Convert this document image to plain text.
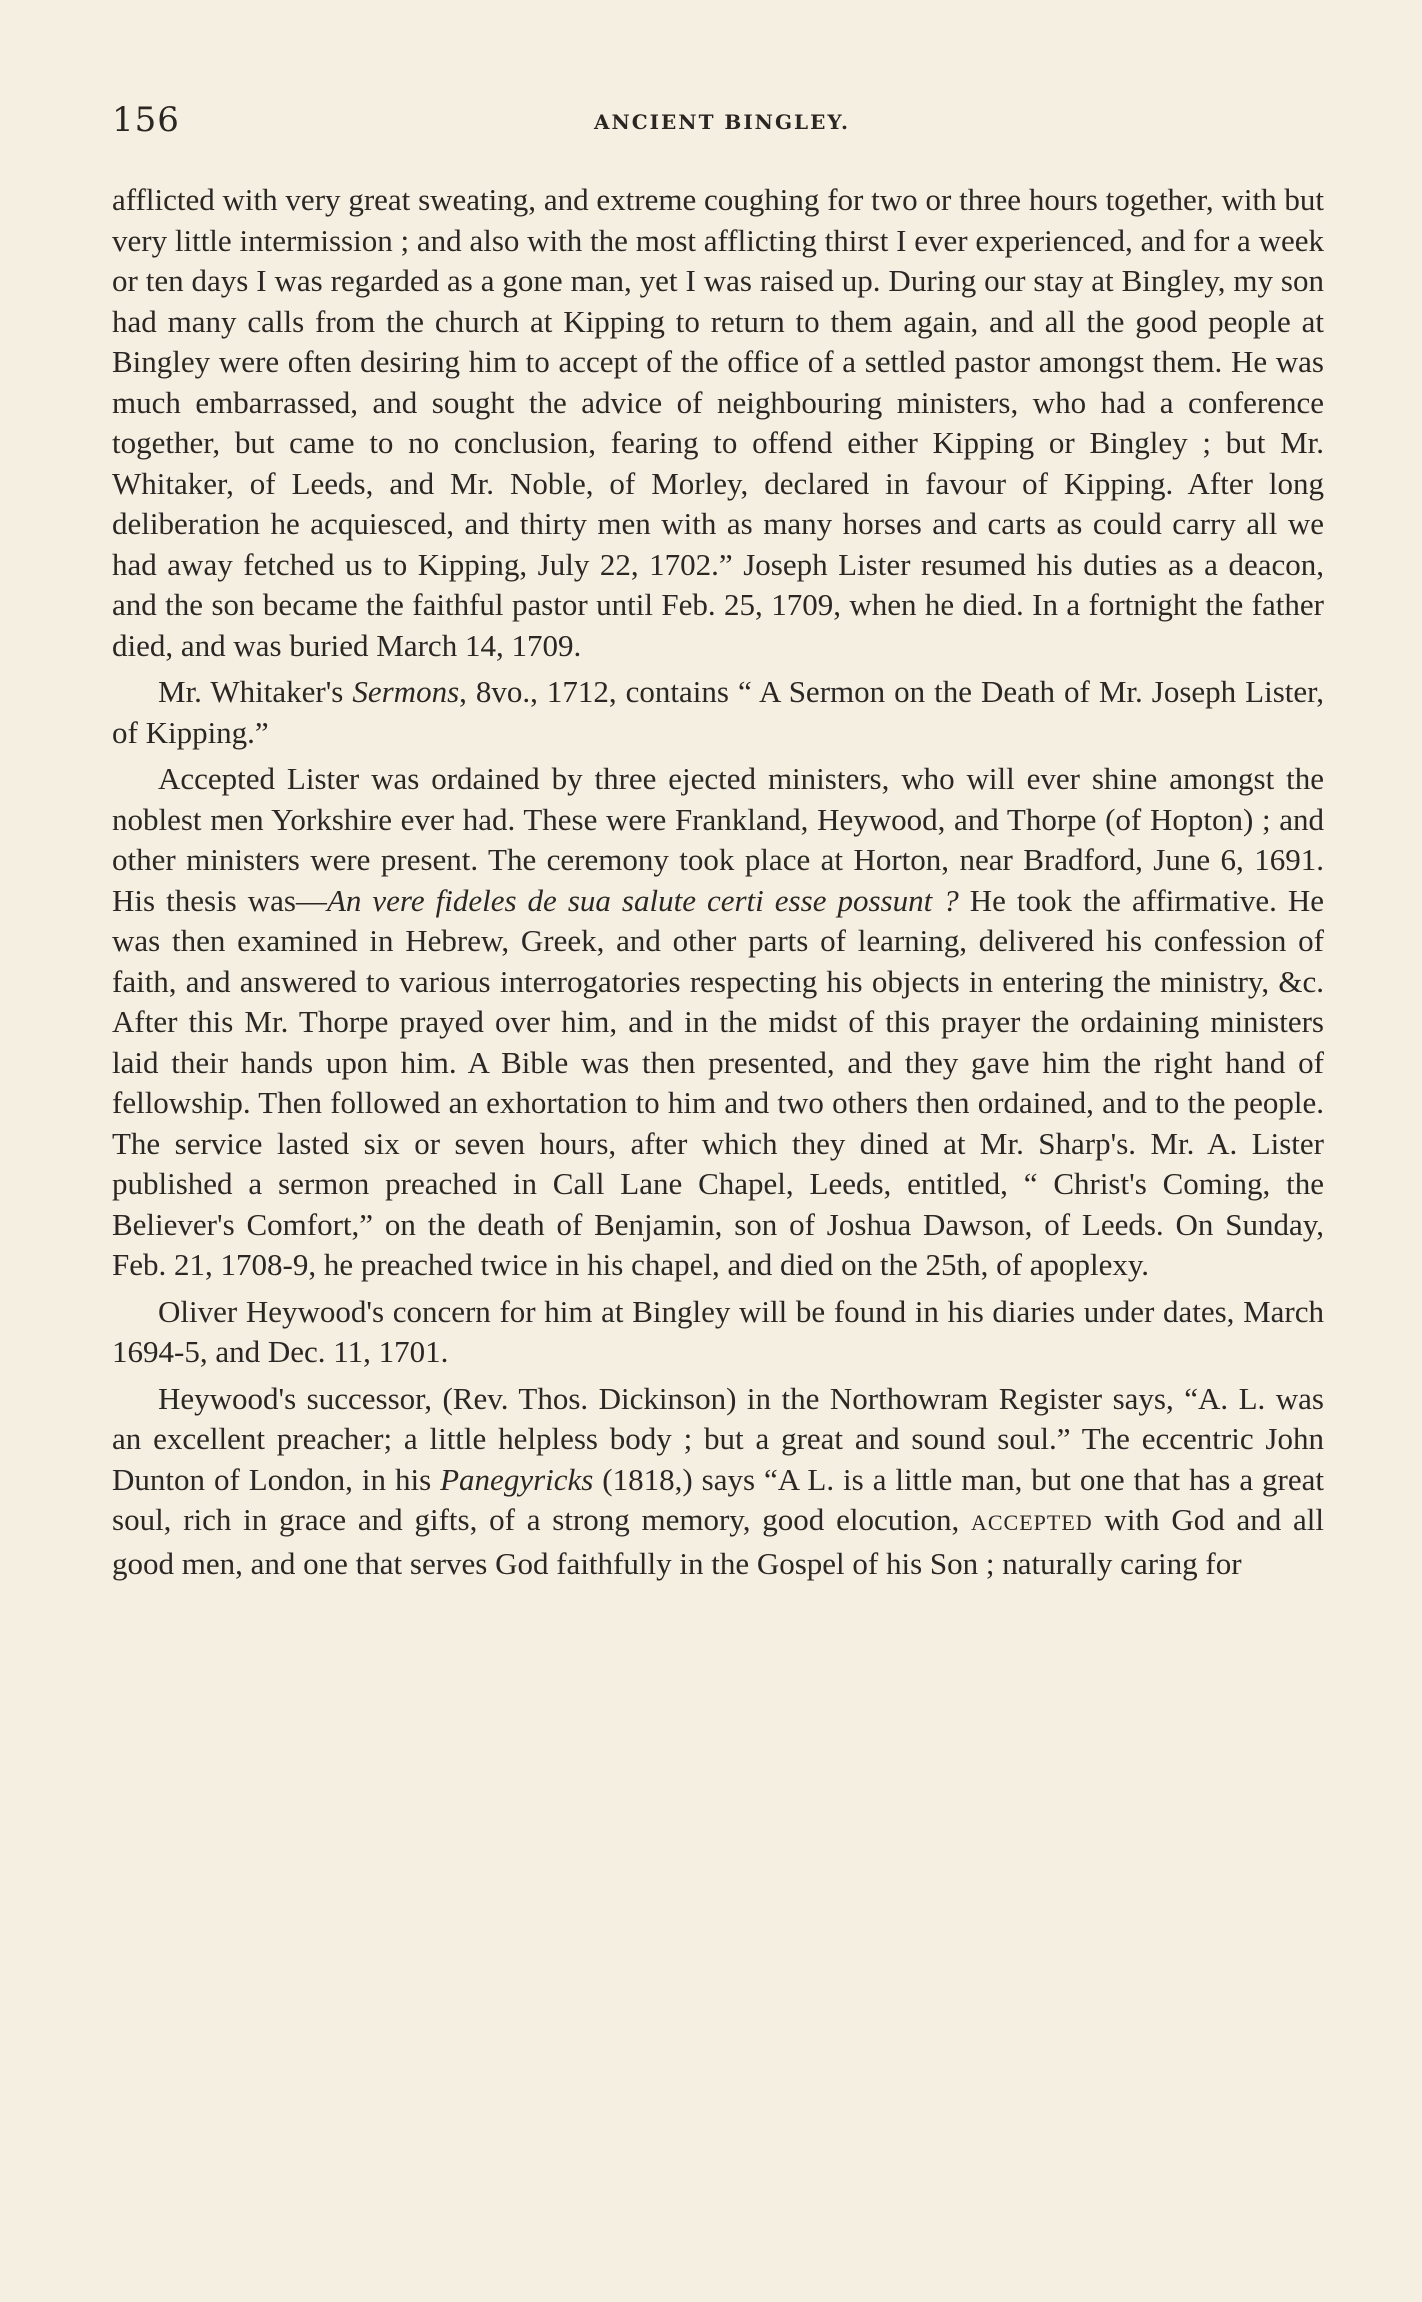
156	ANCIENT BINGLEY.

afflicted with very great sweating, and extreme coughing for two or three hours together, with but very little intermission ; and also with the most afflicting thirst I ever experienced, and for a week or ten days I was regarded as a gone man, yet I was raised up. During our stay at Bingley, my son had many calls from the church at Kipping to return to them again, and all the good people at Bingley were often desiring him to accept of the office of a settled pastor amongst them. He was much embarrassed, and sought the advice of neighbouring ministers, who had a conference together, but came to no conclusion, fearing to offend either Kipping or Bingley ; but Mr. Whitaker, of Leeds, and Mr. Noble, of Morley, declared in favour of Kipping. After long deliberation he acquiesced, and thirty men with as many horses and carts as could carry all we had away fetched us to Kipping, July 22, 1702.” Joseph Lister resumed his duties as a deacon, and the son became the faithful pastor until Feb. 25, 1709, when he died. In a fortnight the father died, and was buried March 14, 1709.

Mr. Whitaker's Sermons, 8vo., 1712, contains “ A Sermon on the Death of Mr. Joseph Lister, of Kipping.”

Accepted Lister was ordained by three ejected ministers, who will ever shine amongst the noblest men Yorkshire ever had. These were Frankland, Heywood, and Thorpe (of Hopton) ; and other ministers were present. The ceremony took place at Horton, near Bradford, June 6, 1691. His thesis was—An vere fideles de sua salute certi esse possunt ? He took the affirmative. He was then examined in Hebrew, Greek, and other parts of learning, delivered his confession of faith, and answered to various interrogatories respecting his objects in entering the ministry, &c. After this Mr. Thorpe prayed over him, and in the midst of this prayer the ordaining ministers laid their hands upon him. A Bible was then presented, and they gave him the right hand of fellowship. Then followed an exhortation to him and two others then ordained, and to the people. The service lasted six or seven hours, after which they dined at Mr. Sharp's. Mr. A. Lister published a sermon preached in Call Lane Chapel, Leeds, entitled, “ Christ's Coming, the Believer's Comfort,” on the death of Benjamin, son of Joshua Dawson, of Leeds. On Sunday, Feb. 21, 1708-9, he preached twice in his chapel, and died on the 25th, of apoplexy.

Oliver Heywood's concern for him at Bingley will be found in his diaries under dates, March 1694-5, and Dec. 11, 1701.

Heywood's successor, (Rev. Thos. Dickinson) in the Northowram Register says, “A. L. was an excellent preacher; a little helpless body ; but a great and sound soul.” The eccentric John Dunton of London, in his Panegyricks (1818,) says “A L. is a little man, but one that has a great soul, rich in grace and gifts, of a strong memory, good elocution, ACCEPTED with God and all good men, and one that serves God faithfully in the Gospel of his Son ; naturally caring for
